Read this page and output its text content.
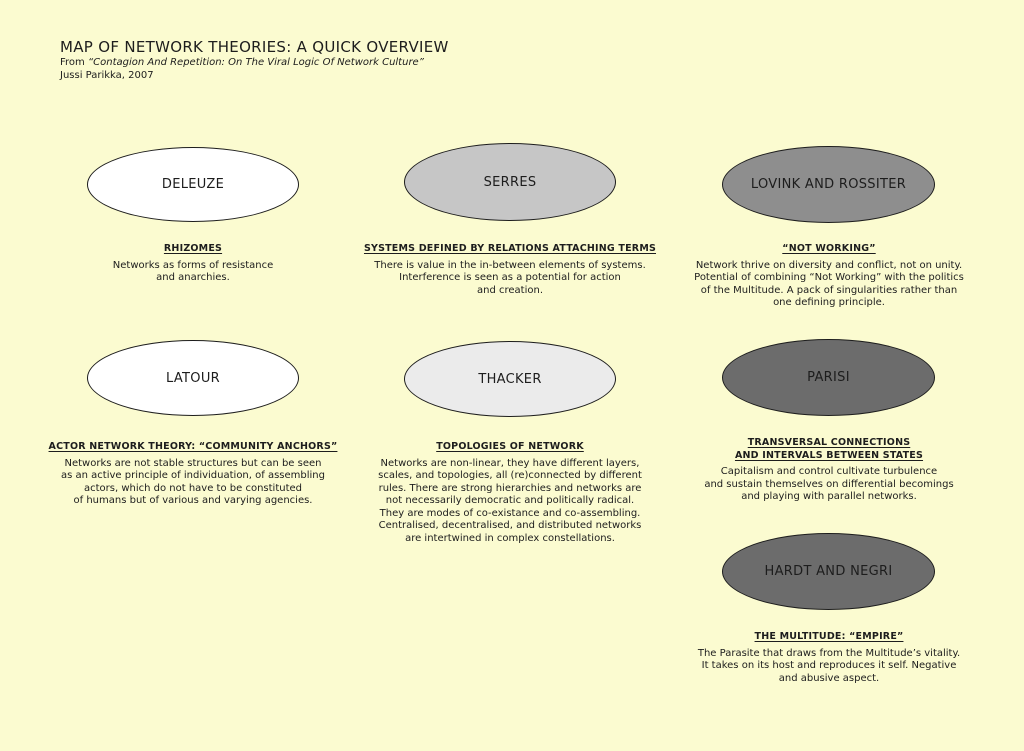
MAP OF NETWORK THEORIES: A QUICK OVERVIEW
From “Contagion And Repetition: On The Viral Logic Of Network Culture”
Jussi Parikka, 2007
DELEUZE
RHIZOMES
Networks as forms of resistance
and anarchies.
SERRES
SYSTEMS DEFINED BY RELATIONS ATTACHING TERMS
There is value in the in-between elements of systems.
Interference is seen as a potential for action
and creation.
LOVINK AND ROSSITER
“NOT WORKING”
Network thrive on diversity and conflict, not on unity.
Potential of combining “Not Working” with the politics
of the Multitude. A pack of singularities rather than
one defining principle.
LATOUR
ACTOR NETWORK THEORY: “COMMUNITY ANCHORS”
Networks are not stable structures but can be seen
as an active principle of individuation, of assembling
actors, which do not have to be constituted
of humans but of various and varying agencies.
THACKER
TOPOLOGIES OF NETWORK
Networks are non-linear, they have different layers,
scales, and topologies, all (re)connected by different
rules. There are strong hierarchies and networks are
not necessarily democratic and politically radical.
They are modes of co-existance and co-assembling.
Centralised, decentralised, and distributed networks
are intertwined in complex constellations.
PARISI
TRANSVERSAL CONNECTIONS
AND INTERVALS BETWEEN STATES
Capitalism and control cultivate turbulence
and sustain themselves on differential becomings
and playing with parallel networks.
HARDT AND NEGRI
THE MULTITUDE: “EMPIRE”
The Parasite that draws from the Multitude’s vitality.
It takes on its host and reproduces it self. Negative
and abusive aspect.
